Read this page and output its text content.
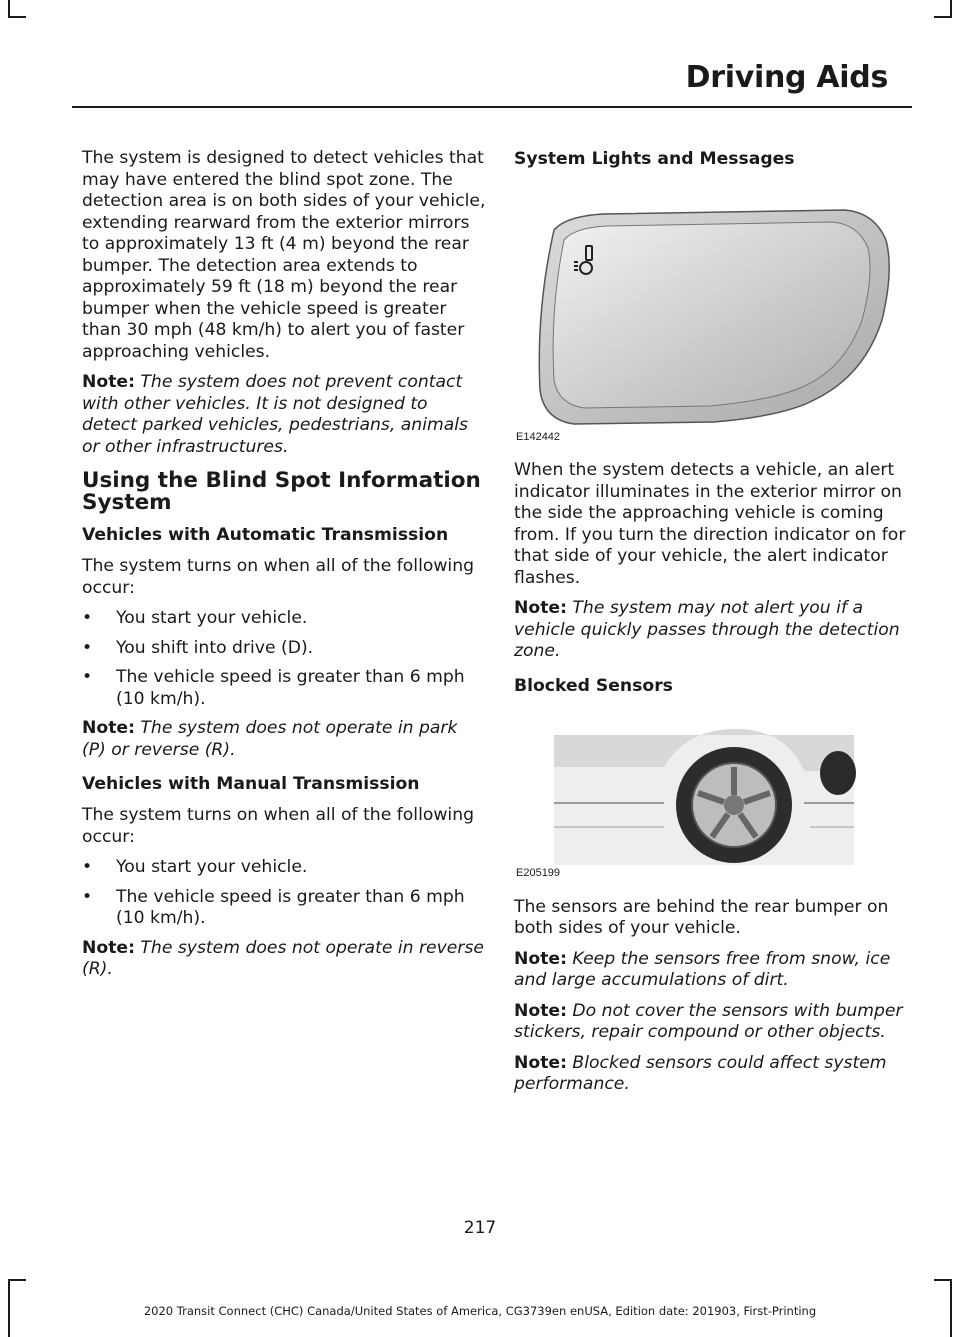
Driving Aids

The system is designed to detect vehicles that may have entered the blind spot zone. The detection area is on both sides of your vehicle, extending rearward from the exterior mirrors to approximately 13 ft (4 m) beyond the rear bumper. The detection area extends to approximately 59 ft (18 m) beyond the rear bumper when the vehicle speed is greater than 30 mph (48 km/h) to alert you of faster approaching vehicles.

Note: The system does not prevent contact with other vehicles. It is not designed to detect parked vehicles, pedestrians, animals or other infrastructures.

Using the Blind Spot Information System
Vehicles with Automatic Transmission

The system turns on when all of the following occur:

• You start your vehicle.
• You shift into drive (D).
• The vehicle speed is greater than 6 mph (10 km/h).

Note: The system does not operate in park (P) or reverse (R).

Vehicles with Manual Transmission

The system turns on when all of the following occur:

• You start your vehicle.
• The vehicle speed is greater than 6 mph (10 km/h).

Note: The system does not operate in reverse (R).

System Lights and Messages
E142442

When the system detects a vehicle, an alert indicator illuminates in the exterior mirror on the side the approaching vehicle is coming from. If you turn the direction indicator on for that side of your vehicle, the alert indicator flashes.

Note: The system may not alert you if a vehicle quickly passes through the detection zone.

Blocked Sensors
E205199

The sensors are behind the rear bumper on both sides of your vehicle.

Note: Keep the sensors free from snow, ice and large accumulations of dirt.

Note: Do not cover the sensors with bumper stickers, repair compound or other objects.

Note: Blocked sensors could affect system performance.

217
2020 Transit Connect (CHC) Canada/United States of America, CG3739en enUSA, Edition date: 201903, First-Printing
